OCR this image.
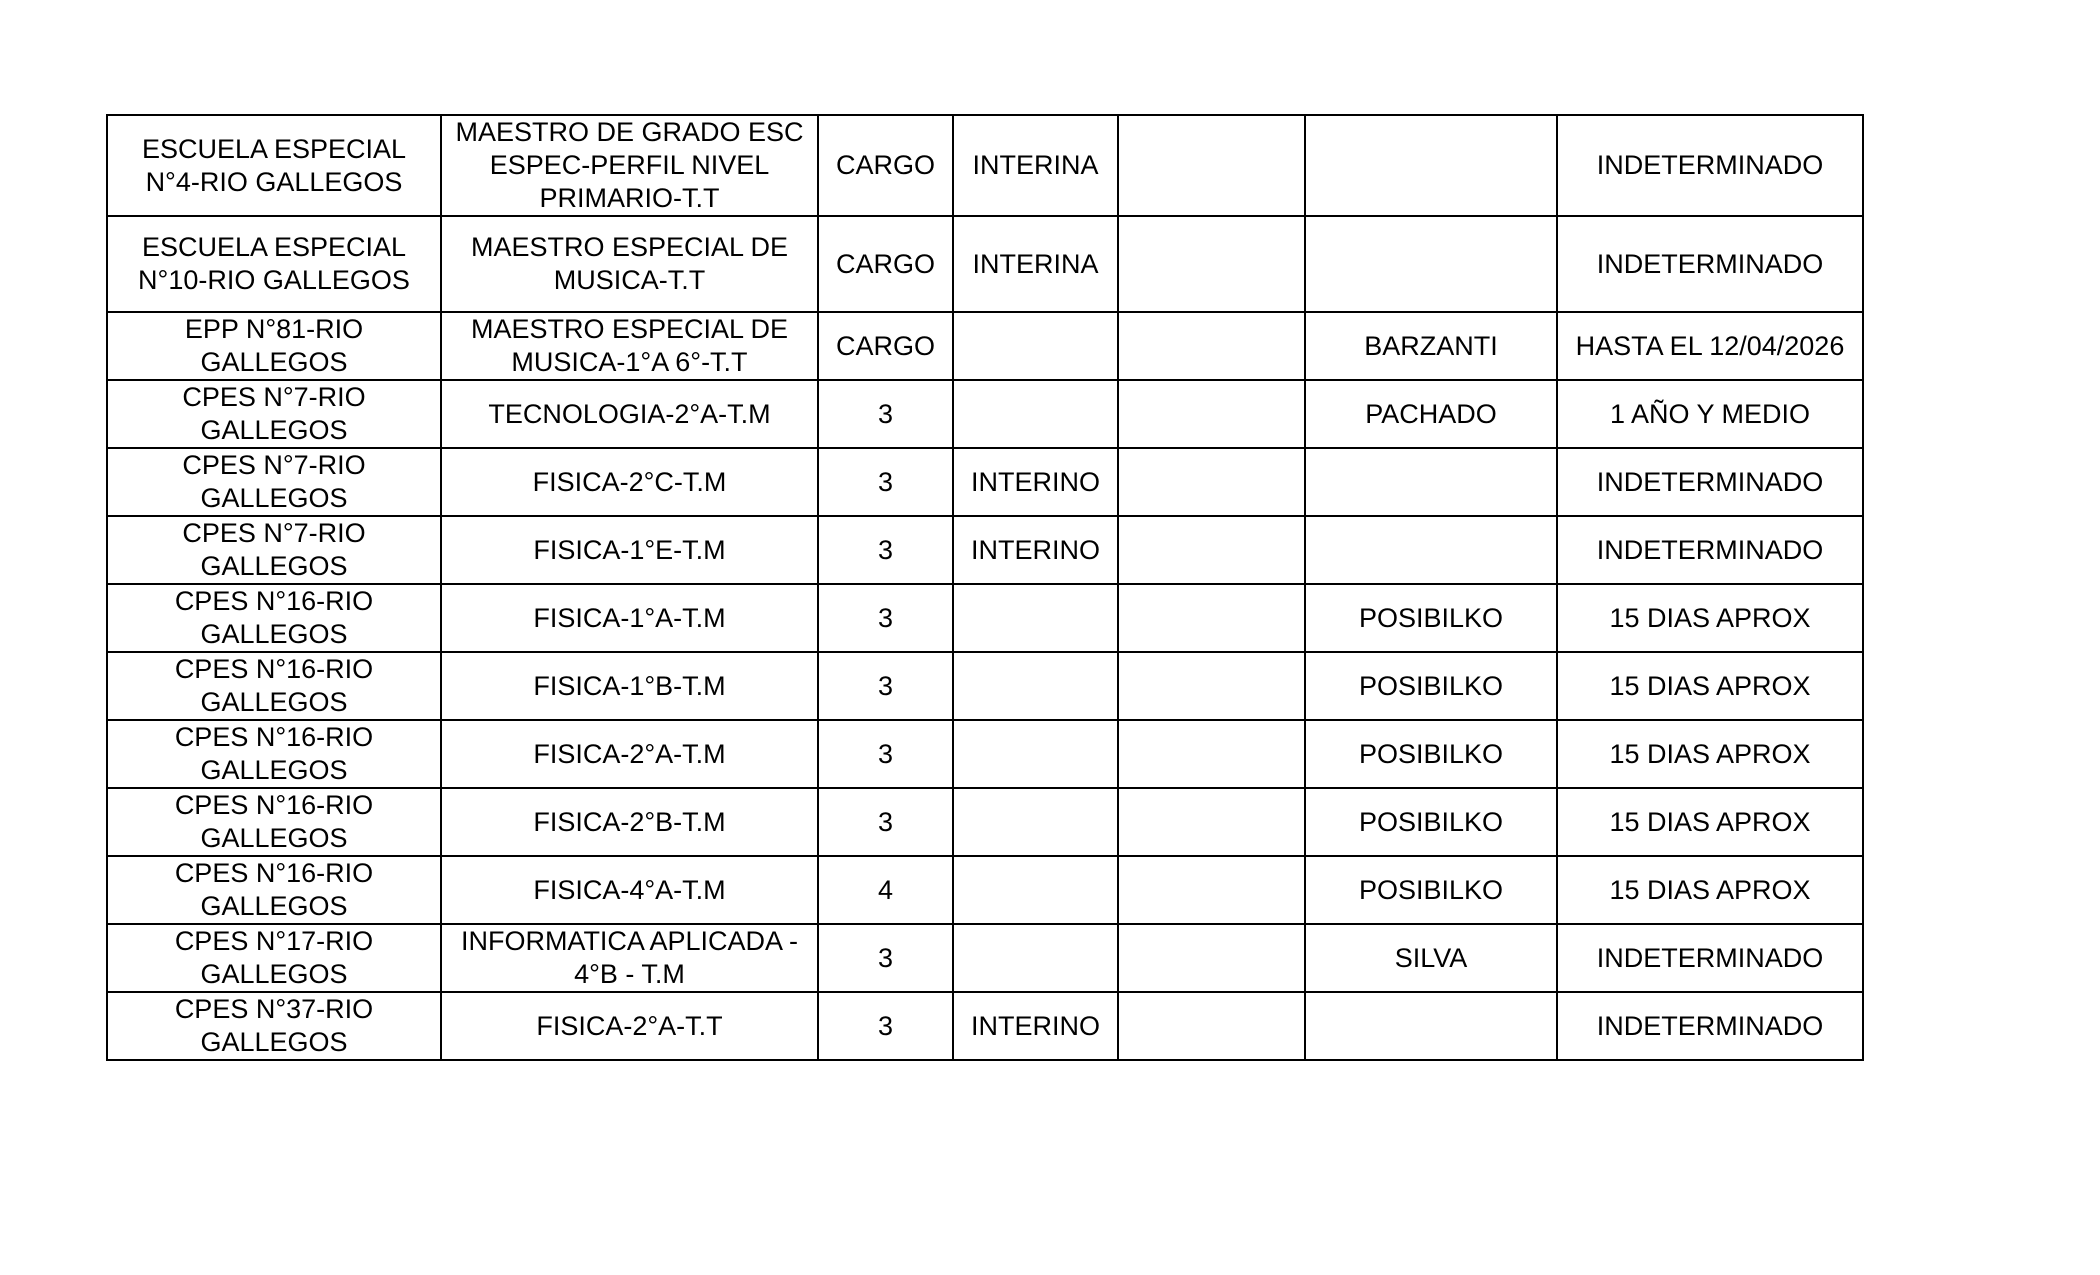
ESCUELA ESPECIAL N°4-RIO GALLEGOS	MAESTRO DE GRADO ESC ESPEC-PERFIL NIVEL PRIMARIO-T.T	CARGO	INTERINA			INDETERMINADO
ESCUELA ESPECIAL N°10-RIO GALLEGOS	MAESTRO ESPECIAL DE MUSICA-T.T	CARGO	INTERINA			INDETERMINADO
EPP N°81-RIO GALLEGOS	MAESTRO ESPECIAL DE MUSICA-1°A 6°-T.T	CARGO			BARZANTI	HASTA EL 12/04/2026
CPES N°7-RIO GALLEGOS	TECNOLOGIA-2°A-T.M	3			PACHADO	1 AÑO Y MEDIO
CPES N°7-RIO GALLEGOS	FISICA-2°C-T.M	3	INTERINO			INDETERMINADO
CPES N°7-RIO GALLEGOS	FISICA-1°E-T.M	3	INTERINO			INDETERMINADO
CPES N°16-RIO GALLEGOS	FISICA-1°A-T.M	3			POSIBILKO	15 DIAS APROX
CPES N°16-RIO GALLEGOS	FISICA-1°B-T.M	3			POSIBILKO	15 DIAS APROX
CPES N°16-RIO GALLEGOS	FISICA-2°A-T.M	3			POSIBILKO	15 DIAS APROX
CPES N°16-RIO GALLEGOS	FISICA-2°B-T.M	3			POSIBILKO	15 DIAS APROX
CPES N°16-RIO GALLEGOS	FISICA-4°A-T.M	4			POSIBILKO	15 DIAS APROX
CPES N°17-RIO GALLEGOS	INFORMATICA APLICADA - 4°B - T.M	3			SILVA	INDETERMINADO
CPES N°37-RIO GALLEGOS	FISICA-2°A-T.T	3	INTERINO			INDETERMINADO
